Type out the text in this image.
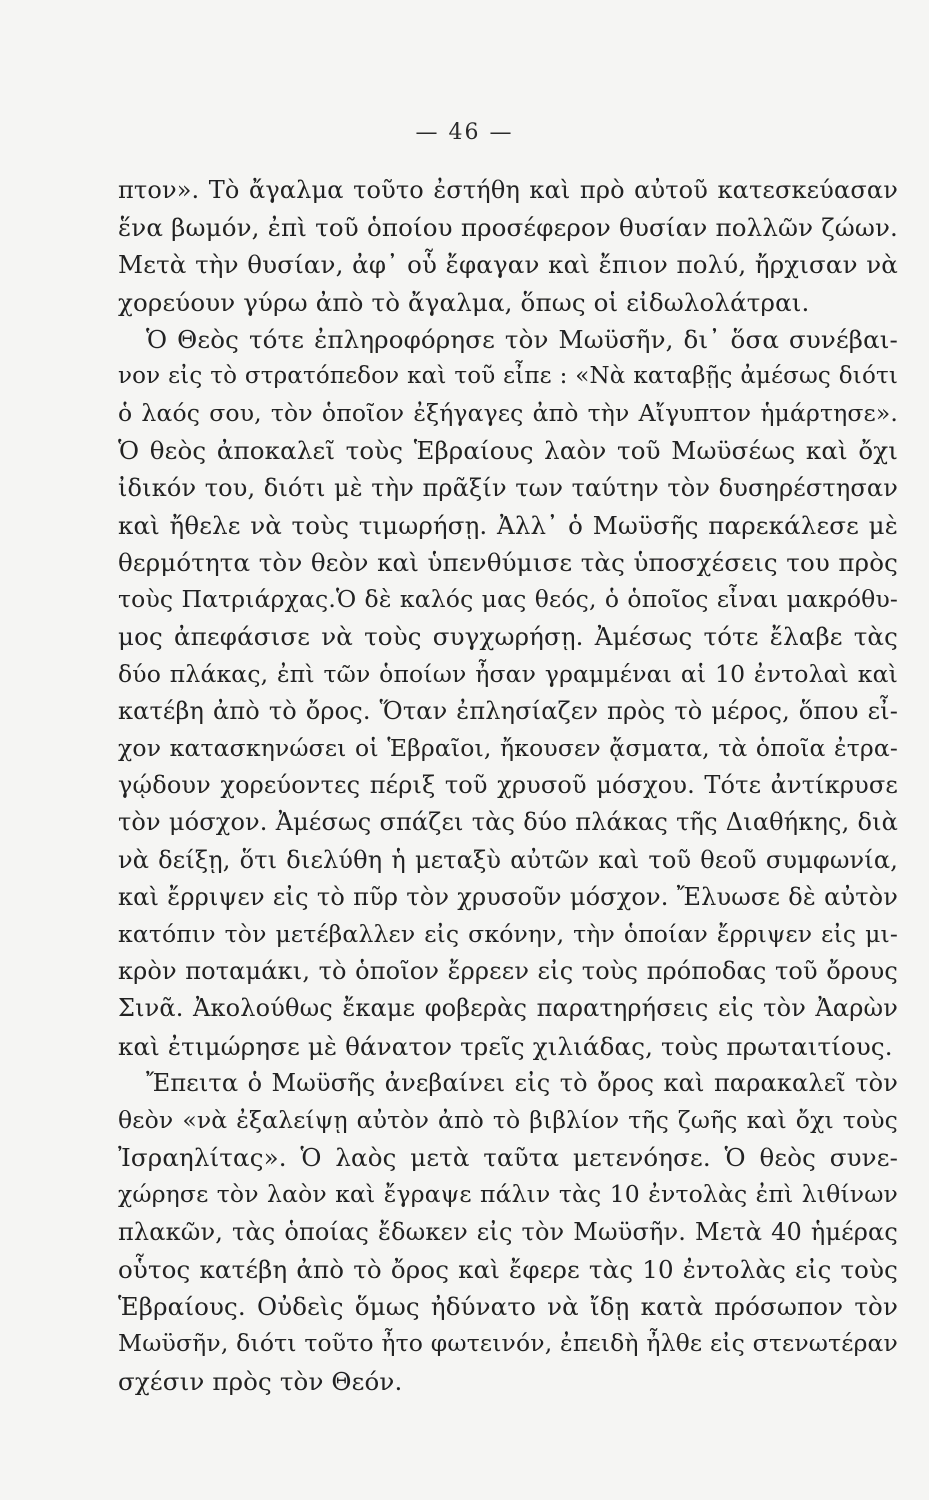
— 46 —
πτον». Τὸ ἄγαλμα τοῦτο ἐστήθη καὶ πρὸ αὐτοῦ κατεσκεύασαν
ἕνα βωμόν, ἐπὶ τοῦ ὁποίου προσέφερον θυσίαν πολλῶν ζώων.
Μετὰ τὴν θυσίαν, ἀφ᾽ οὗ ἔφαγαν καὶ ἔπιον πολύ, ἤρχισαν νὰ
χορεύουν γύρω ἀπὸ τὸ ἄγαλμα, ὅπως οἱ εἰδωλολάτραι.
Ὁ Θεὸς τότε ἐπληροφόρησε τὸν Μωϋσῆν, δι᾽ ὅσα συνέβαι-
νον εἰς τὸ στρατόπεδον καὶ τοῦ εἶπε : «Νὰ καταβῇς ἀμέσως διότι
ὁ λαός σου, τὸν ὁποῖον ἐξήγαγες ἀπὸ τὴν Αἴγυπτον ἡμάρτησε».
Ὁ θεὸς ἀποκαλεῖ τοὺς Ἑβραίους λαὸν τοῦ Μωϋσέως καὶ ὄχι
ἰδικόν του, διότι μὲ τὴν πρᾶξίν των ταύτην τὸν δυσηρέστησαν
καὶ ἤθελε νὰ τοὺς τιμωρήσῃ. Ἀλλ᾽ ὁ Μωϋσῆς παρεκάλεσε μὲ
θερμότητα τὸν θεὸν καὶ ὑπενθύμισε τὰς ὑποσχέσεις του πρὸς
τοὺς Πατριάρχας.Ὁ δὲ καλός μας θεός, ὁ ὁποῖος εἶναι μακρόθυ-
μος ἀπεφάσισε νὰ τοὺς συγχωρήσῃ. Ἀμέσως τότε ἔλαβε τὰς
δύο πλάκας, ἐπὶ τῶν ὁποίων ἦσαν γραμμέναι αἱ 10 ἐντολαὶ καὶ
κατέβη ἀπὸ τὸ ὄρος. Ὅταν ἐπλησίαζεν πρὸς τὸ μέρος, ὅπου εἶ-
χον κατασκηνώσει οἱ Ἑβραῖοι, ἤκουσεν ᾄσματα, τὰ ὁποῖα ἐτρα-
γῴδουν χορεύοντες πέριξ τοῦ χρυσοῦ μόσχου. Τότε ἀντίκρυσε
τὸν μόσχον. Ἀμέσως σπάζει τὰς δύο πλάκας τῆς Διαθήκης, διὰ
νὰ δείξῃ, ὅτι διελύθη ἡ μεταξὺ αὐτῶν καὶ τοῦ θεοῦ συμφωνία,
καὶ ἔρριψεν εἰς τὸ πῦρ τὸν χρυσοῦν μόσχον. Ἔλυωσε δὲ αὐτὸν
κατόπιν τὸν μετέβαλλεν εἰς σκόνην, τὴν ὁποίαν ἔρριψεν εἰς μι-
κρὸν ποταμάκι, τὸ ὁποῖον ἔρρεεν εἰς τοὺς πρόποδας τοῦ ὄρους
Σινᾶ. Ἀκολούθως ἔκαμε φοβερὰς παρατηρήσεις εἰς τὸν Ἀαρὼν
καὶ ἐτιμώρησε μὲ θάνατον τρεῖς χιλιάδας, τοὺς πρωταιτίους.
Ἔπειτα ὁ Μωϋσῆς ἀνεβαίνει εἰς τὸ ὄρος καὶ παρακαλεῖ τὸν
θεὸν «νὰ ἐξαλείψῃ αὐτὸν ἀπὸ τὸ βιβλίον τῆς ζωῆς καὶ ὄχι τοὺς
Ἰσραηλίτας». Ὁ λαὸς μετὰ ταῦτα μετενόησε. Ὁ θεὸς συνε-
χώρησε τὸν λαὸν καὶ ἔγραψε πάλιν τὰς 10 ἐντολὰς ἐπὶ λιθίνων
πλακῶν, τὰς ὁποίας ἔδωκεν εἰς τὸν Μωϋσῆν. Μετὰ 40 ἡμέρας
οὗτος κατέβη ἀπὸ τὸ ὄρος καὶ ἔφερε τὰς 10 ἐντολὰς εἰς τοὺς
Ἑβραίους. Οὐδεὶς ὅμως ἠδύνατο νὰ ἴδῃ κατὰ πρόσωπον τὸν
Μωϋσῆν, διότι τοῦτο ἦτο φωτεινόν, ἐπειδὴ ἦλθε εἰς στενωτέραν
σχέσιν πρὸς τὸν Θεόν.
